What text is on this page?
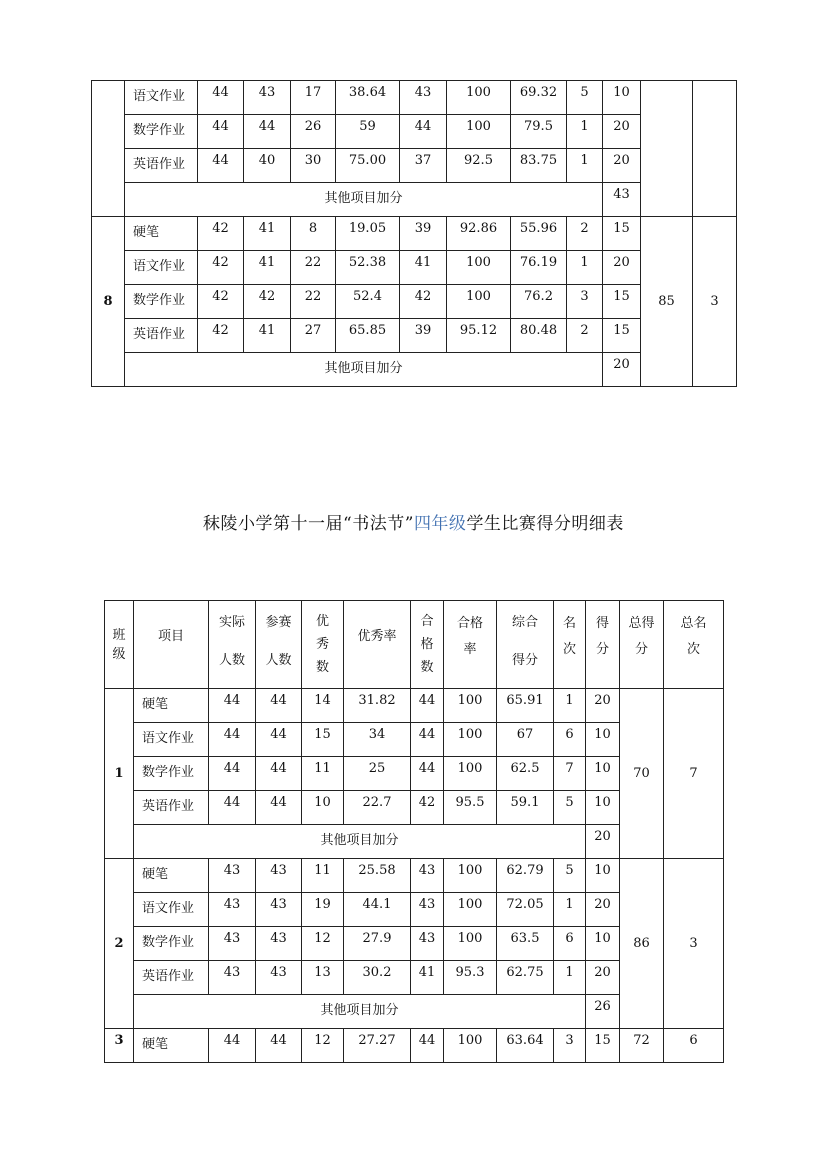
	语文作业	44	43	17	38.64	43	100	69.32	5	10		
	数学作业	44	44	26	59	44	100	79.5	1	20		
	英语作业	44	40	30	75.00	37	92.5	83.75	1	20		
	其他项目加分									43		
8	硬笔	42	41	8	19.05	39	92.86	55.96	2	15	85	3
	语文作业	42	41	22	52.38	41	100	76.19	1	20		
	数学作业	42	42	22	52.4	42	100	76.2	3	15		
	英语作业	42	41	27	65.85	39	95.12	80.48	2	15		
	其他项目加分									20		
秣陵小学第十一届“书法节”四年级学生比赛得分明细表
班级	项目	实际人数	参赛人数	优秀数	优秀率	合格数	合格率	综合得分	名次	得分	总得分	总名次
1	硬笔	44	44	14	31.82	44	100	65.91	1	20	70	7
	语文作业	44	44	15	34	44	100	67	6	10		
	数学作业	44	44	11	25	44	100	62.5	7	10		
	英语作业	44	44	10	22.7	42	95.5	59.1	5	10		
	其他项目加分									20		
2	硬笔	43	43	11	25.58	43	100	62.79	5	10	86	3
	语文作业	43	43	19	44.1	43	100	72.05	1	20		
	数学作业	43	43	12	27.9	43	100	63.5	6	10		
	英语作业	43	43	13	30.2	41	95.3	62.75	1	20		
	其他项目加分									26		
3	硬笔	44	44	12	27.27	44	100	63.64	3	15	72	6
